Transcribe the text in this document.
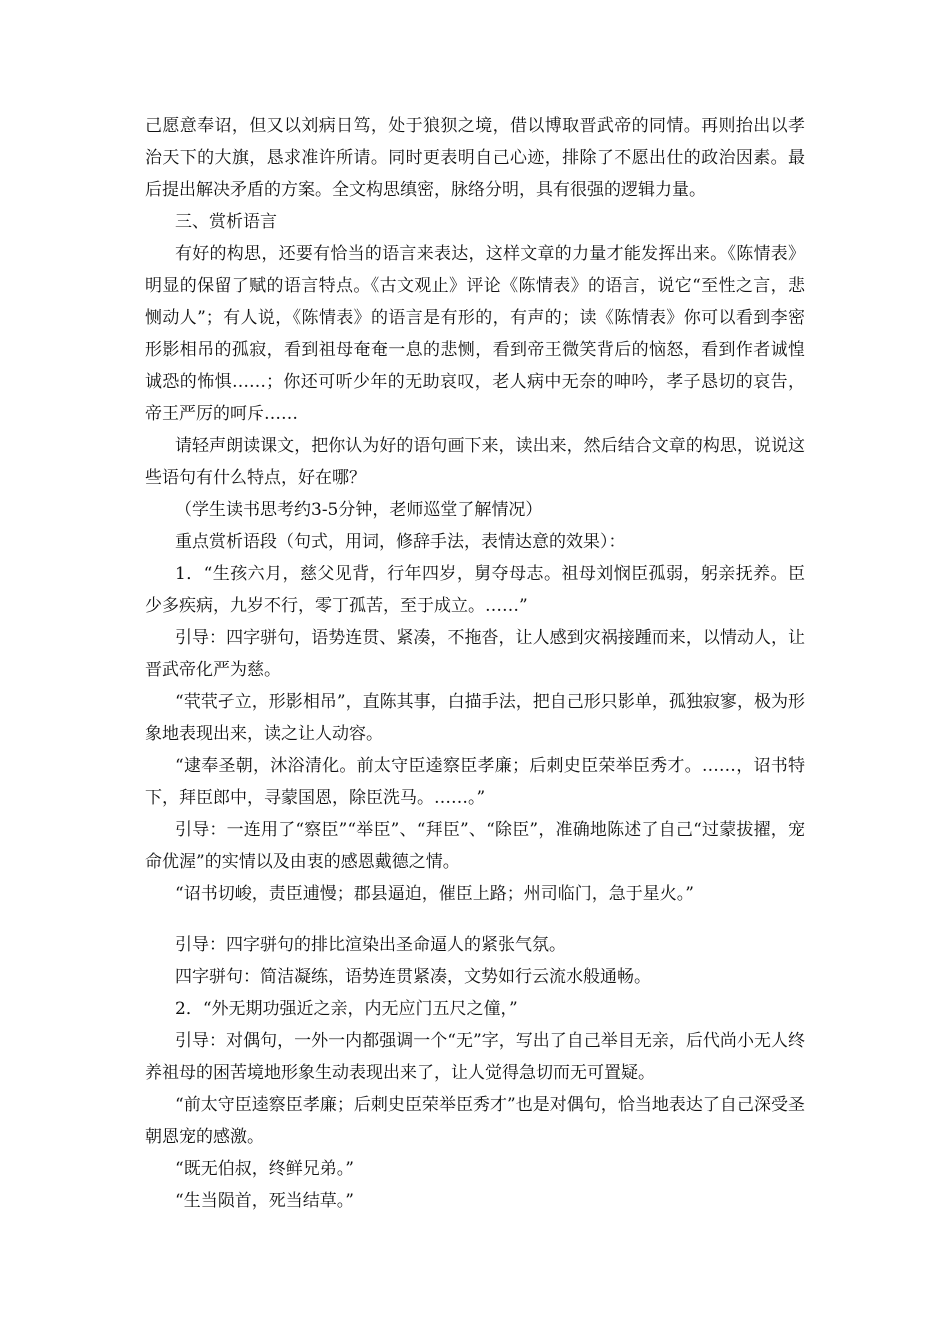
己愿意奉诏，但又以刘病日笃，处于狼狈之境，借以博取晋武帝的同情。再则抬出以孝治天下的大旗，恳求准许所请。同时更表明自己心迹，排除了不愿出仕的政治因素。最后提出解决矛盾的方案。全文构思缜密，脉络分明，具有很强的逻辑力量。

三、赏析语言

有好的构思，还要有恰当的语言来表达，这样文章的力量才能发挥出来。《陈情表》明显的保留了赋的语言特点。《古文观止》评论《陈情表》的语言，说它“至性之言，悲恻动人”；有人说，《陈情表》的语言是有形的，有声的；读《陈情表》你可以看到李密形影相吊的孤寂，看到祖母奄奄一息的悲恻，看到帝王微笑背后的恼怒，看到作者诚惶诚恐的怖惧……；你还可听少年的无助哀叹，老人病中无奈的呻吟，孝子恳切的哀告，帝王严厉的呵斥……

请轻声朗读课文，把你认为好的语句画下来，读出来，然后结合文章的构思，说说这些语句有什么特点，好在哪？

（学生读书思考约3-5分钟，老师巡堂了解情况）

重点赏析语段（句式，用词，修辞手法，表情达意的效果）：

1．“生孩六月，慈父见背，行年四岁，舅夺母志。祖母刘悯臣孤弱，躬亲抚养。臣少多疾病，九岁不行，零丁孤苦，至于成立。……”

引导：四字骈句，语势连贯、紧凑，不拖沓，让人感到灾祸接踵而来，以情动人，让晋武帝化严为慈。

“茕茕孑立，形影相吊”，直陈其事，白描手法，把自己形只影单，孤独寂寥，极为形象地表现出来，读之让人动容。

“逮奉圣朝，沐浴清化。前太守臣逵察臣孝廉；后刺史臣荣举臣秀才。……，诏书特下，拜臣郎中，寻蒙国恩，除臣洗马。……。”

引导：一连用了“察臣”“举臣”、“拜臣”、“除臣”，准确地陈述了自己“过蒙拔擢，宠命优渥”的实情以及由衷的感恩戴德之情。

“诏书切峻，责臣逋慢；郡县逼迫，催臣上路；州司临门，急于星火。”

引导：四字骈句的排比渲染出圣命逼人的紧张气氛。

四字骈句：简洁凝练，语势连贯紧凑，文势如行云流水般通畅。

2．“外无期功强近之亲，内无应门五尺之僮，”

引导：对偶句，一外一内都强调一个“无”字，写出了自己举目无亲，后代尚小无人终养祖母的困苦境地形象生动表现出来了，让人觉得急切而无可置疑。

“前太守臣逵察臣孝廉；后刺史臣荣举臣秀才”也是对偶句，恰当地表达了自己深受圣朝恩宠的感激。

“既无伯叔，终鲜兄弟。”

“生当陨首，死当结草。”
